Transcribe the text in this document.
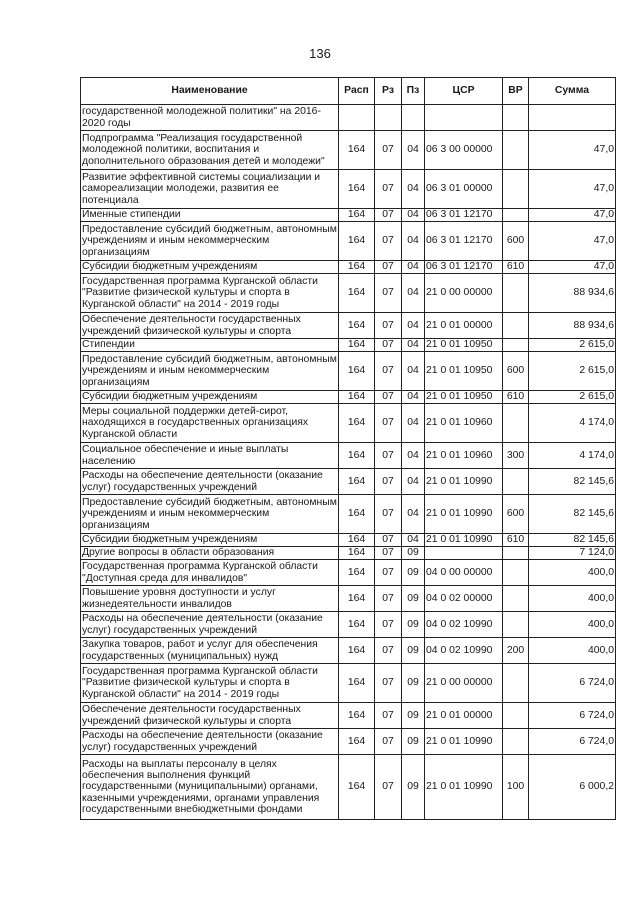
136
Наименование	Расп	Рз	Пз	ЦСР	ВР	Сумма
государственной молодежной политики" на 2016-2020 годы						
Подпрограмма "Реализация государственной молодежной политики, воспитания и дополнительного образования детей и молодежи"	164	07	04	06 3 00 00000		47,0
Развитие эффективной системы социализации и самореализации молодежи, развития ее потенциала	164	07	04	06 3 01 00000		47,0
Именные стипендии	164	07	04	06 3 01 12170		47,0
Предоставление субсидий бюджетным, автономным учреждениям и иным некоммерческим организациям	164	07	04	06 3 01 12170	600	47,0
Субсидии бюджетным учреждениям	164	07	04	06 3 01 12170	610	47,0
Государственная программа Курганской области "Развитие физической культуры и спорта в Курганской области" на 2014 - 2019 годы	164	07	04	21 0 00 00000		88 934,6
Обеспечение деятельности государственных учреждений физической культуры и спорта	164	07	04	21 0 01 00000		88 934,6
Стипендии	164	07	04	21 0 01 10950		2 615,0
Предоставление субсидий бюджетным, автономным учреждениям и иным некоммерческим организациям	164	07	04	21 0 01 10950	600	2 615,0
Субсидии бюджетным учреждениям	164	07	04	21 0 01 10950	610	2 615,0
Меры социальной поддержки детей-сирот, находящихся в государственных организациях Курганской области	164	07	04	21 0 01 10960		4 174,0
Социальное обеспечение и иные выплаты населению	164	07	04	21 0 01 10960	300	4 174,0
Расходы на обеспечение деятельности (оказание услуг) государственных учреждений	164	07	04	21 0 01 10990		82 145,6
Предоставление субсидий бюджетным, автономным учреждениям и иным некоммерческим организациям	164	07	04	21 0 01 10990	600	82 145,6
Субсидии бюджетным учреждениям	164	07	04	21 0 01 10990	610	82 145,6
Другие вопросы в области образования	164	07	09			7 124,0
Государственная программа Курганской области "Доступная среда для инвалидов"	164	07	09	04 0 00 00000		400,0
Повышение уровня доступности и услуг жизнедеятельности инвалидов	164	07	09	04 0 02 00000		400,0
Расходы на обеспечение деятельности (оказание услуг) государственных учреждений	164	07	09	04 0 02 10990		400,0
Закупка товаров, работ и услуг для обеспечения государственных (муниципальных) нужд	164	07	09	04 0 02 10990	200	400,0
Государственная программа Курганской области "Развитие физической культуры и спорта в Курганской области" на 2014 - 2019 годы	164	07	09	21 0 00 00000		6 724,0
Обеспечение деятельности государственных учреждений физической культуры и спорта	164	07	09	21 0 01 00000		6 724,0
Расходы на обеспечение деятельности (оказание услуг) государственных учреждений	164	07	09	21 0 01 10990		6 724,0
Расходы на выплаты персоналу в целях обеспечения выполнения функций государственными (муниципальными) органами, казенными учреждениями, органами управления государственными внебюджетными фондами	164	07	09	21 0 01 10990	100	6 000,2
